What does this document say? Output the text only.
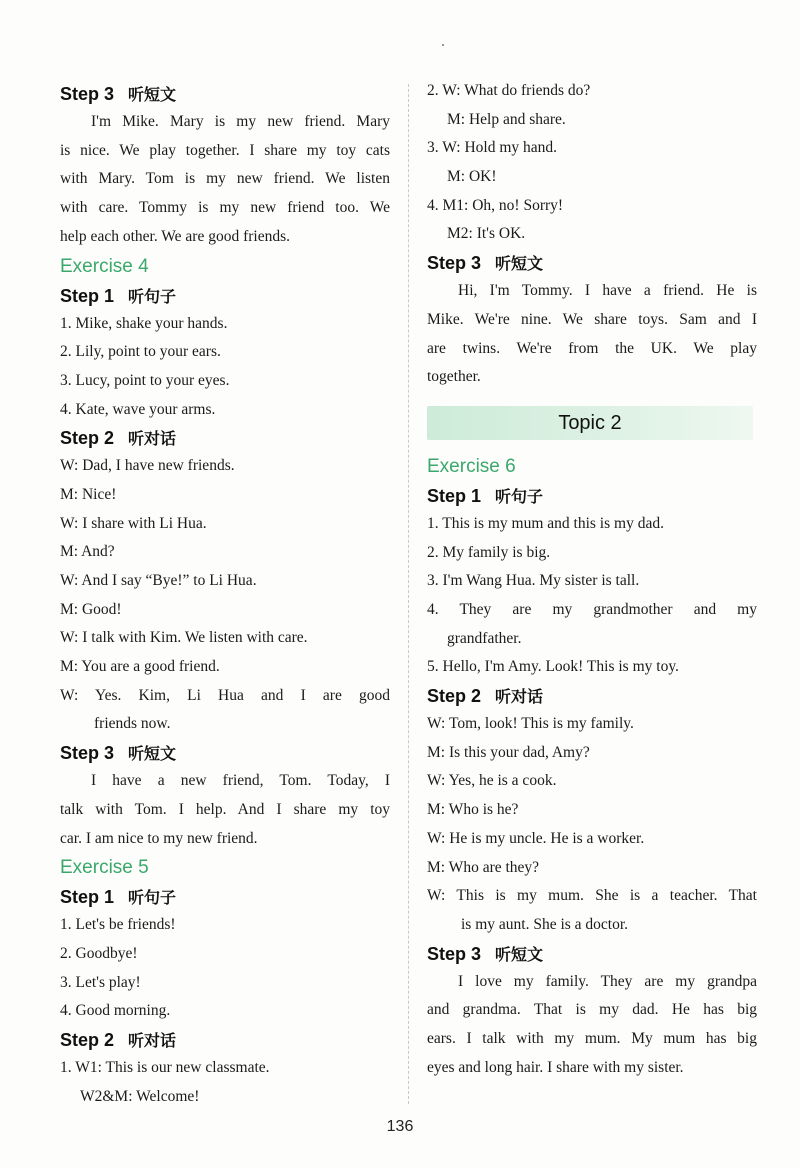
Step 3 听短文
I'm Mike. Mary is my new friend. Mary
is nice. We play together. I share my toy cats
with Mary. Tom is my new friend. We listen
with care. Tommy is my new friend too. We
help each other. We are good friends.
Exercise 4
Step 1 听句子
1. Mike, shake your hands.
2. Lily, point to your ears.
3. Lucy, point to your eyes.
4. Kate, wave your arms.
Step 2 听对话
W: Dad, I have new friends.
M: Nice!
W: I share with Li Hua.
M: And?
W: And I say “Bye!” to Li Hua.
M: Good!
W: I talk with Kim. We listen with care.
M: You are a good friend.
W: Yes. Kim, Li Hua and I are good
friends now.
Step 3 听短文
I have a new friend, Tom. Today, I
talk with Tom. I help. And I share my toy
car. I am nice to my new friend.
Exercise 5
Step 1 听句子
1. Let's be friends!
2. Goodbye!
3. Let's play!
4. Good morning.
Step 2 听对话
1. W1: This is our new classmate.
W2&M: Welcome!
2. W: What do friends do?
M: Help and share.
3. W: Hold my hand.
M: OK!
4. M1: Oh, no! Sorry!
M2: It's OK.
Step 3 听短文
Hi, I'm Tommy. I have a friend. He is
Mike. We're nine. We share toys. Sam and I
are twins. We're from the UK. We play
together.
Topic 2
Exercise 6
Step 1 听句子
1. This is my mum and this is my dad.
2. My family is big.
3. I'm Wang Hua. My sister is tall.
4. They are my grandmother and my
grandfather.
5. Hello, I'm Amy. Look! This is my toy.
Step 2 听对话
W: Tom, look! This is my family.
M: Is this your dad, Amy?
W: Yes, he is a cook.
M: Who is he?
W: He is my uncle. He is a worker.
M: Who are they?
W: This is my mum. She is a teacher. That
is my aunt. She is a doctor.
Step 3 听短文
I love my family. They are my grandpa
and grandma. That is my dad. He has big
ears. I talk with my mum. My mum has big
eyes and long hair. I share with my sister.
136
